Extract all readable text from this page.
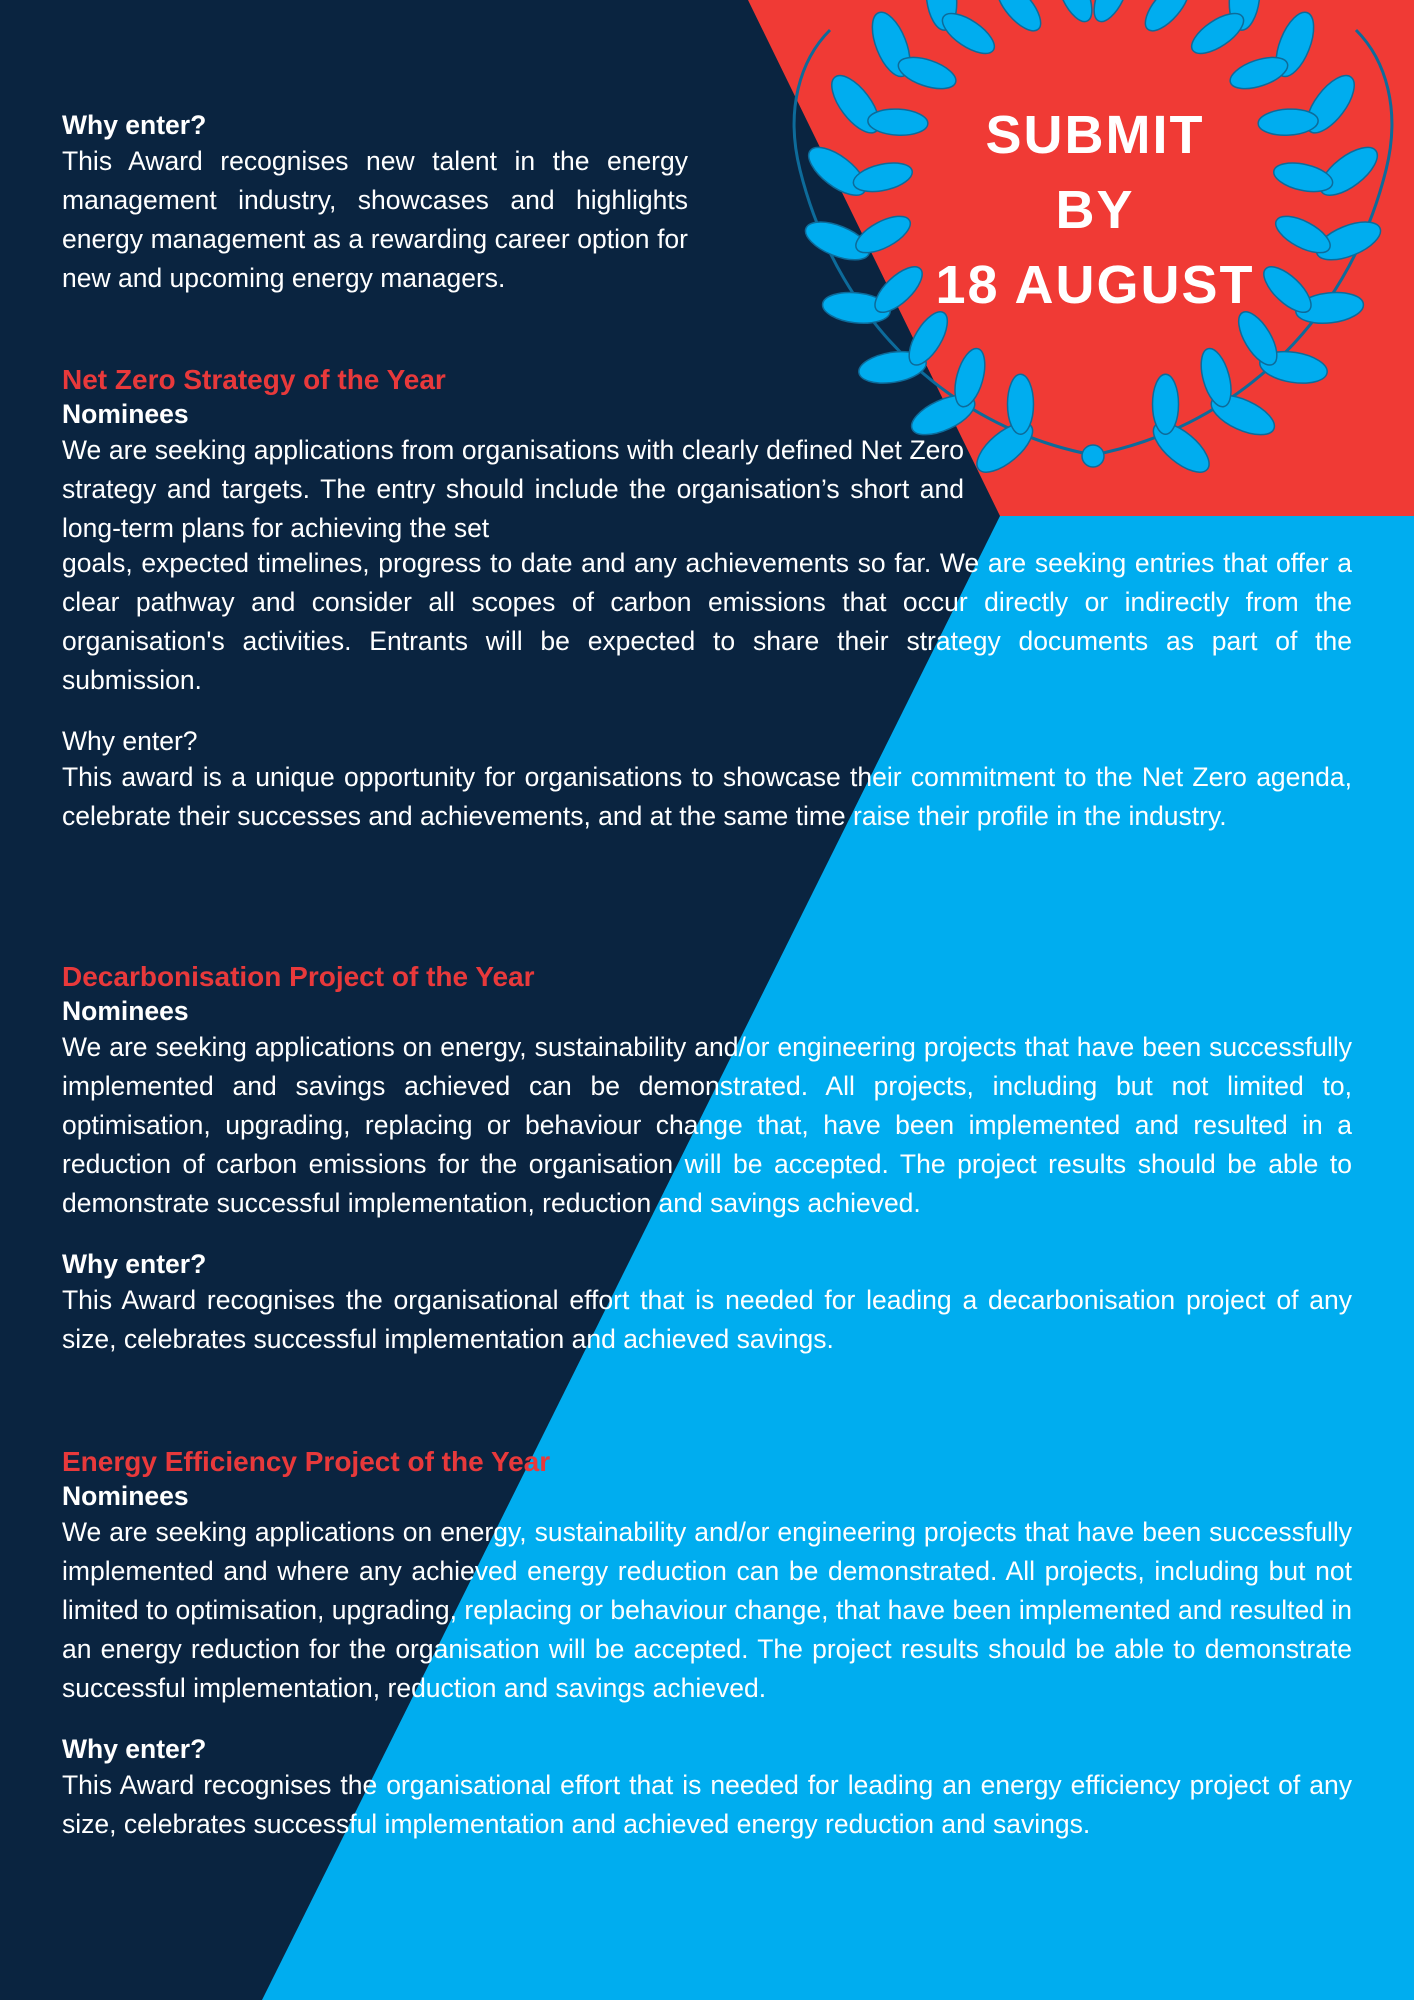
SUBMIT
BY
18 AUGUST
Why enter?

This Award recognises new talent in the energy management industry, showcases and highlights energy management as a rewarding career option for new and upcoming energy managers.

Net Zero Strategy of the Year
Nominees

We are seeking applications from organisations with clearly defined Net Zero strategy and targets. The entry should include the organisation’s short and long-term plans for achieving the set

goals, expected timelines, progress to date and any achievements so far. We are seeking entries that offer a clear pathway and consider all scopes of carbon emissions that occur directly or indirectly from the organisation's activities. Entrants will be expected to share their strategy documents as part of the submission.

Why enter?

This award is a unique opportunity for organisations to showcase their commitment to the Net Zero agenda, celebrate their successes and achievements, and at the same time raise their profile in the industry.

Decarbonisation Project of the Year
Nominees

We are seeking applications on energy, sustainability and/or engineering projects that have been successfully implemented and savings achieved can be demonstrated. All projects, including but not limited to, optimisation, upgrading, replacing or behaviour change that, have been implemented and resulted in a reduction of carbon emissions for the organisation will be accepted. The project results should be able to demonstrate successful implementation, reduction and savings achieved.

Why enter?

This Award recognises the organisational effort that is needed for leading a decarbonisation project of any size, celebrates successful implementation and achieved savings.

Energy Efficiency Project of the Year
Nominees

We are seeking applications on energy, sustainability and/or engineering projects that have been successfully implemented and where any achieved energy reduction can be demonstrated. All projects, including but not limited to optimisation, upgrading, replacing or behaviour change, that have been implemented and resulted in an energy reduction for the organisation will be accepted. The project results should be able to demonstrate successful implementation, reduction and savings achieved.

Why enter?

This Award recognises the organisational effort that is needed for leading an energy efficiency project of any size, celebrates successful implementation and achieved energy reduction and savings.
